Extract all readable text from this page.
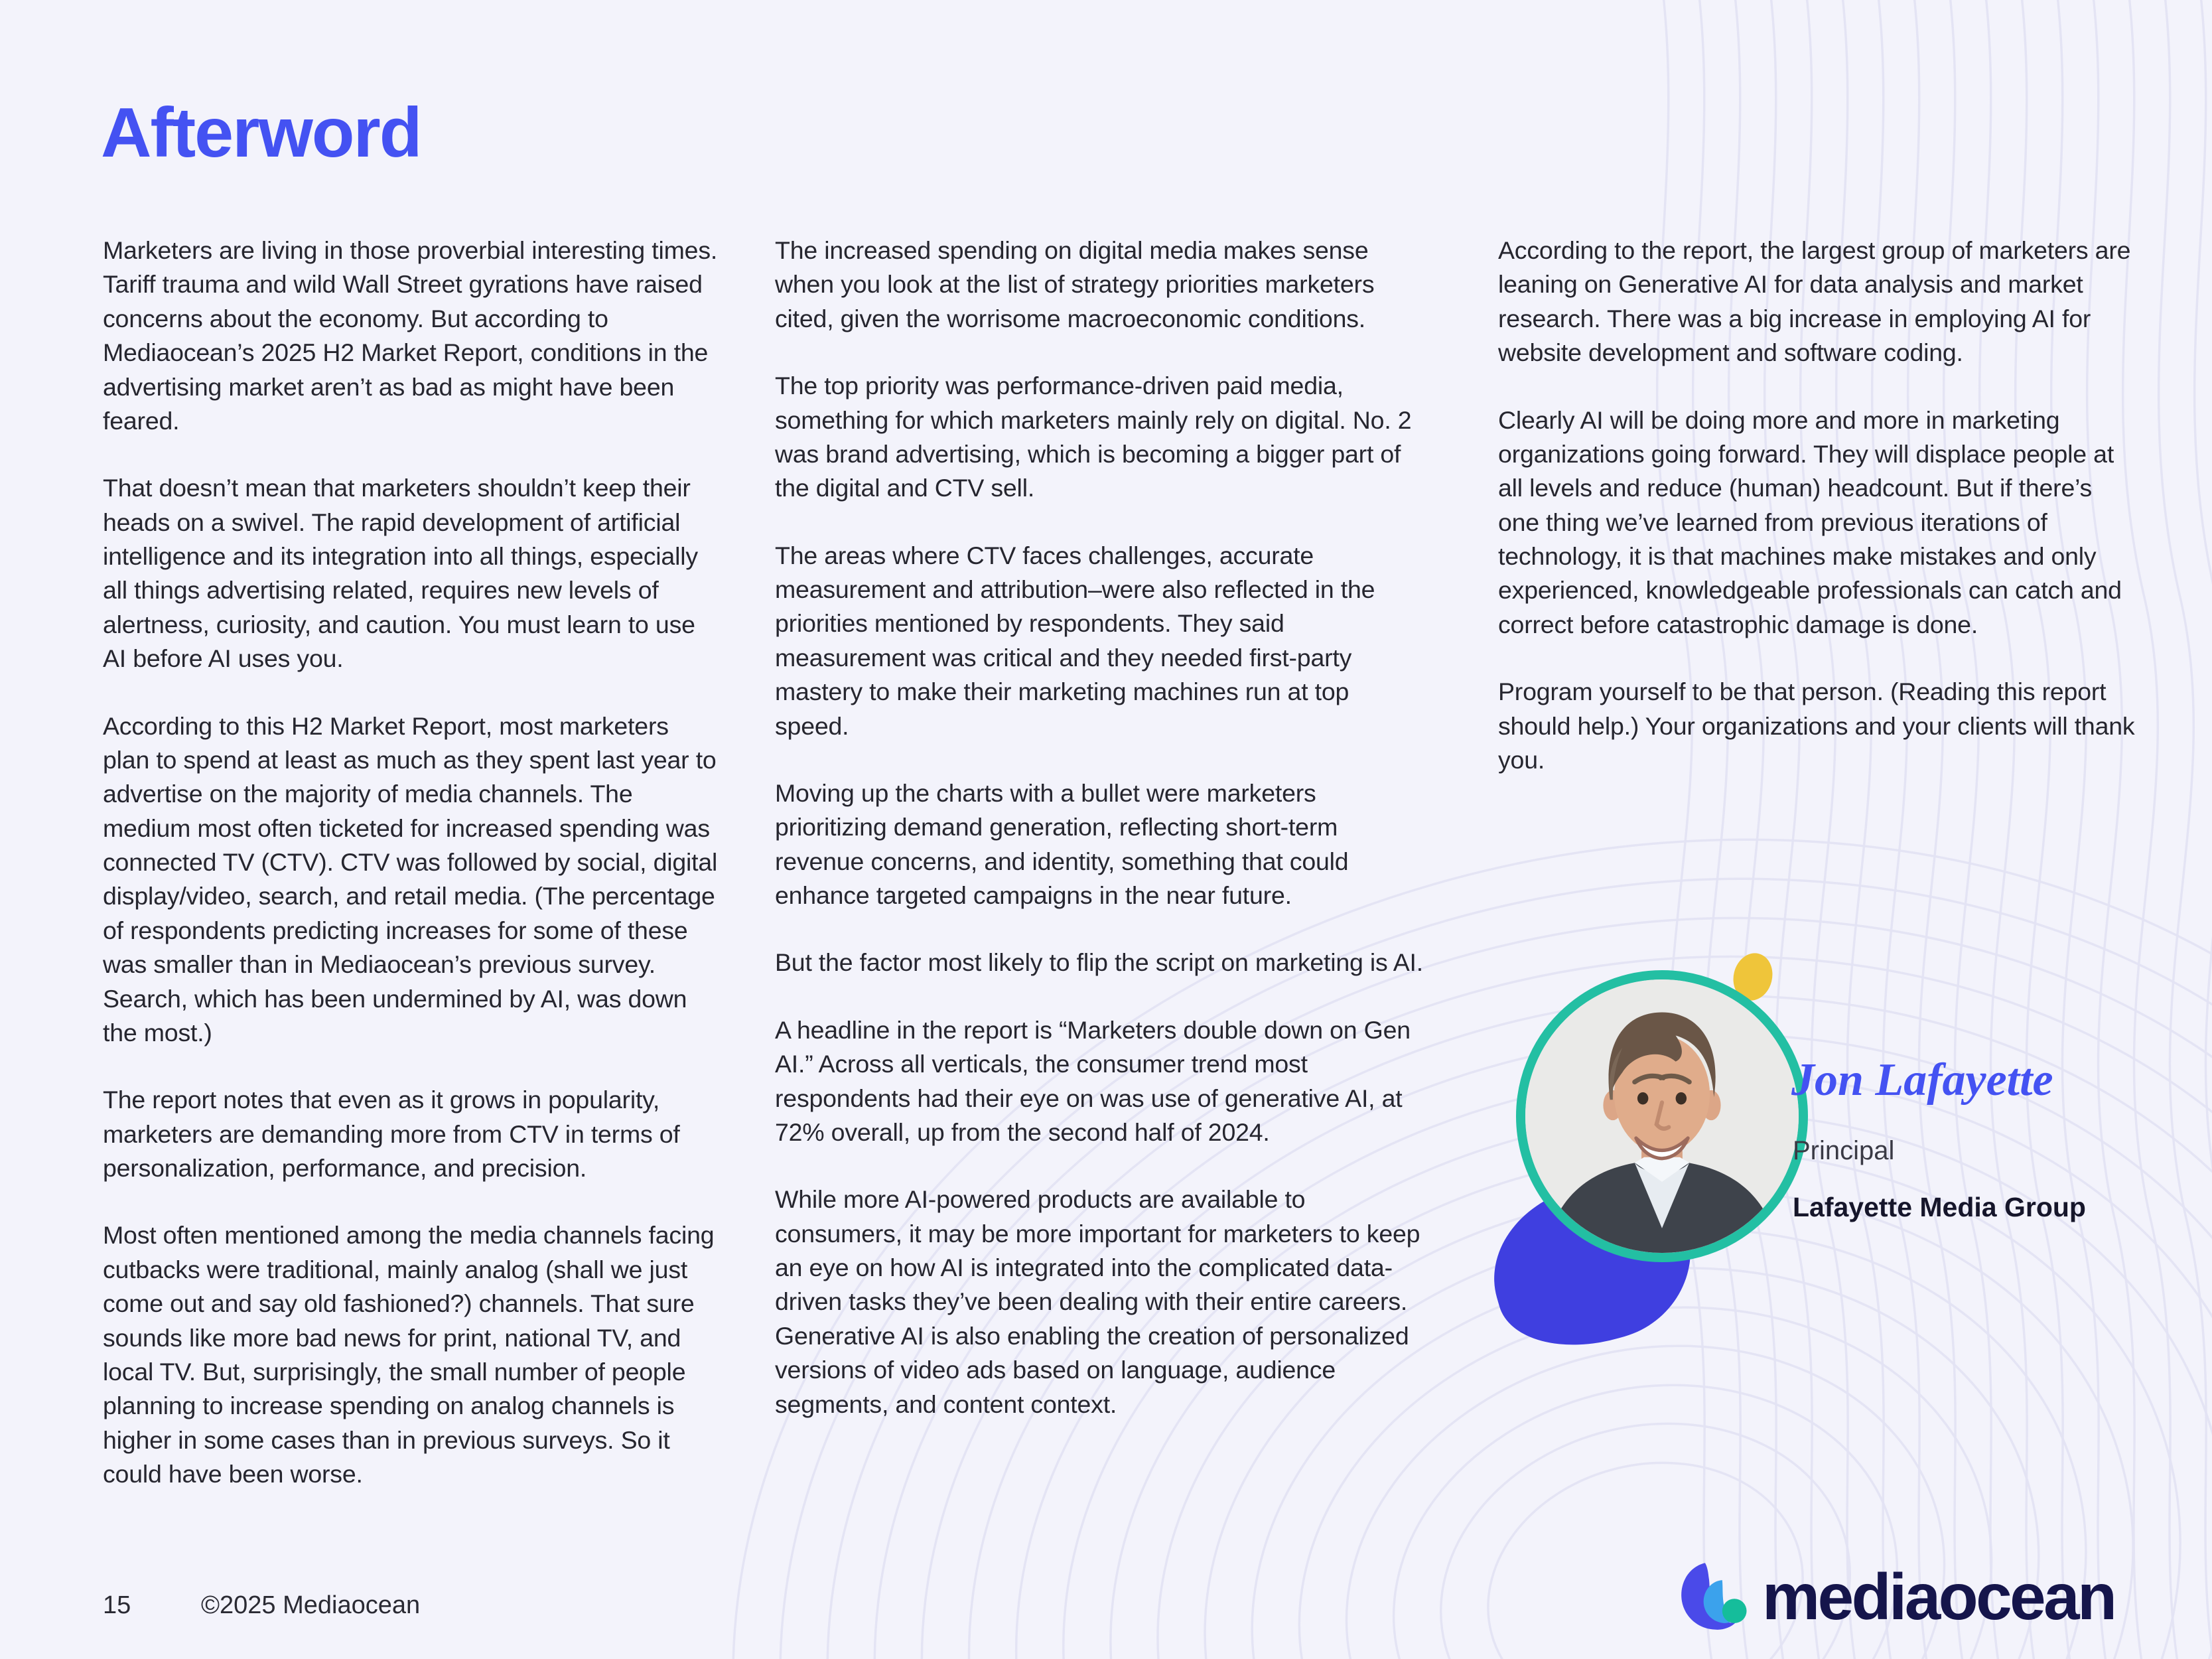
Afterword

Marketers are living in those proverbial interesting times. Tariff trauma and wild Wall Street gyrations have raised concerns about the economy. But according to Mediaocean’s 2025 H2 Market Report, conditions in the advertising market aren’t as bad as might have been feared.

That doesn’t mean that marketers shouldn’t keep their heads on a swivel. The rapid development of artificial intelligence and its integration into all things, especially all things advertising related, requires new levels of alertness, curiosity, and caution. You must learn to use AI before AI uses you.

According to this H2 Market Report, most marketers plan to spend at least as much as they spent last year to advertise on the majority of media channels. The medium most often ticketed for increased spending was connected TV (CTV). CTV was followed by social, digital display/video, search, and retail media. (The percentage of respondents predicting increases for some of these was smaller than in Mediaocean’s previous survey. Search, which has been undermined by AI, was down the most.)

The report notes that even as it grows in popularity, marketers are demanding more from CTV in terms of personalization, performance, and precision.

Most often mentioned among the media channels facing cutbacks were traditional, mainly analog (shall we just come out and say old fashioned?) channels. That sure sounds like more bad news for print, national TV, and local TV. But, surprisingly, the small number of people planning to increase spending on analog channels is higher in some cases than in previous surveys. So it could have been worse.

The increased spending on digital media makes sense when you look at the list of strategy priorities marketers cited, given the worrisome macroeconomic conditions.

The top priority was performance-driven paid media, something for which marketers mainly rely on digital. No. 2 was brand advertising, which is becoming a bigger part of the digital and CTV sell.

The areas where CTV faces challenges, accurate measurement and attribution–were also reflected in the priorities mentioned by respondents. They said measurement was critical and they needed first-party mastery to make their marketing machines run at top speed.

Moving up the charts with a bullet were marketers prioritizing demand generation, reflecting short-term revenue concerns, and identity, something that could enhance targeted campaigns in the near future.

But the factor most likely to flip the script on marketing is AI.

A headline in the report is “Marketers double down on Gen AI.” Across all verticals, the consumer trend most respondents had their eye on was use of generative AI, at 72% overall, up from the second half of 2024.

While more AI-powered products are available to consumers, it may be more important for marketers to keep an eye on how AI is integrated into the complicated data-driven tasks they’ve been dealing with their entire careers. Generative AI is also enabling the creation of personalized versions of video ads based on language, audience segments, and content context.

According to the report, the largest group of marketers are leaning on Generative AI for data analysis and market research. There was a big increase in employing AI for website development and software coding.

Clearly AI will be doing more and more in marketing organizations going forward. They will displace people at all levels and reduce (human) headcount. But if there’s one thing we’ve learned from previous iterations of technology, it is that machines make mistakes and only experienced, knowledgeable professionals can catch and correct before catastrophic damage is done.

Program yourself to be that person. (Reading this report should help.) Your organizations and your clients will thank you.

Jon Lafayette
Principal
Lafayette Media Group
15	©2025 Mediaocean	mediaocean
